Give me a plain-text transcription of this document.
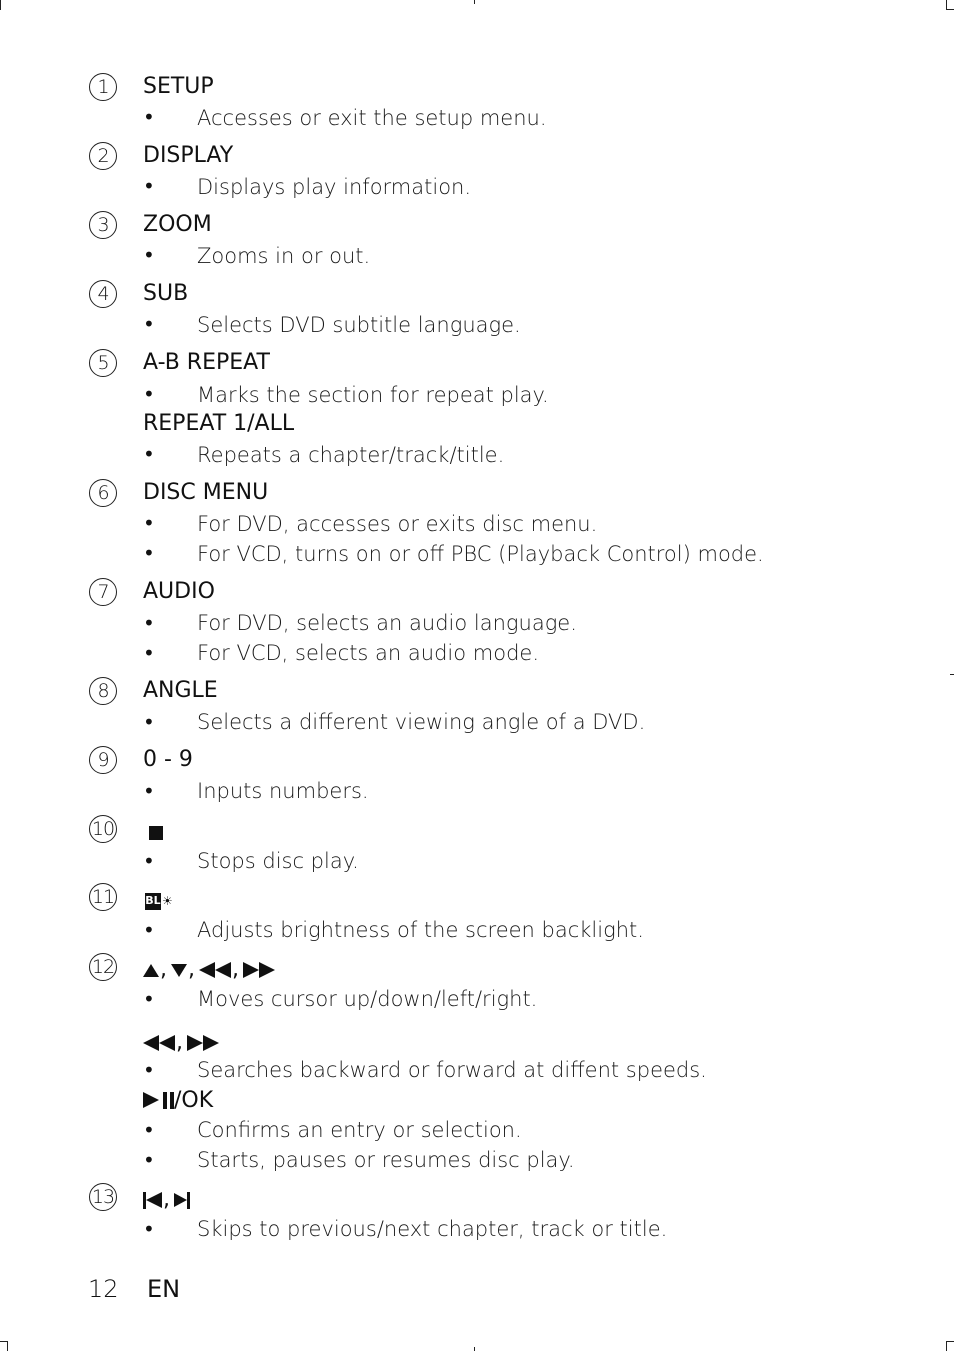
1	SETUP
• Accesses or exit the setup menu.
2	DISPLAY
• Displays play information.
3	ZOOM
• Zooms in or out.
4	SUB
• Selects DVD subtitle language.
5	A-B REPEAT
• Marks the section for repeat play.
REPEAT 1/ALL
• Repeats a chapter/track/title.
6	DISC MENU
• For DVD, accesses or exits disc menu.
• For VCD, turns on or off PBC (Playback Control) mode.
7	AUDIO
• For DVD, selects an audio language.
• For VCD, selects an audio mode.
8	ANGLE
• Selects a different viewing angle of a DVD.
9	0 - 9
• Inputs numbers.
10
• Stops disc play.
11	BL ☀
• Adjusts brightness of the screen backlight.
12 , , ,
• Moves cursor up/down/left/right.
,
• Searches backward or forward at diffent speeds.
/OK
• Confirms an entry or selection.
• Starts, pauses or resumes disc play.
13 ,
• Skips to previous/next chapter, track or title.
12 EN
